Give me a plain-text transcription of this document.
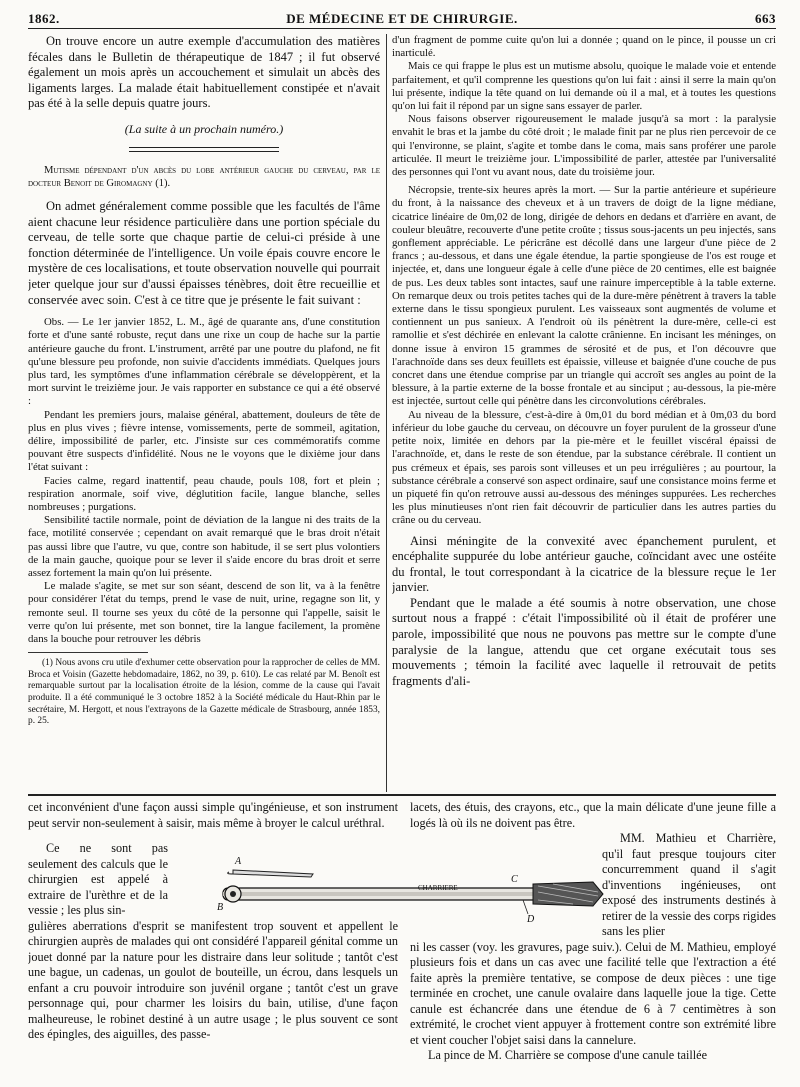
1862.	DE MÉDECINE ET DE CHIRURGIE.	663

On trouve encore un autre exemple d'accumulation des matières fécales dans le Bulletin de thérapeutique de 1847 ; il fut observé également un mois après un accouchement et simulait un abcès des ligaments larges. La malade était habituellement constipée et n'avait pas été à la selle depuis quatre jours.

(La suite à un prochain numéro.)

Mutisme dépendant d'un abcès du lobe antérieur gauche du cerveau, par le docteur Benoit de Giromagny (1).

On admet généralement comme possible que les facultés de l'âme aient chacune leur résidence particulière dans une portion spéciale du cerveau, de telle sorte que chaque partie de celui-ci préside à une fonction déterminée de l'intelligence. Un voile épais couvre encore le mystère de ces localisations, et toute observation nouvelle qui pourrait jeter quelque jour sur d'aussi épaisses ténèbres, doit être recueillie et conservée avec soin. C'est à ce titre que je présente le fait suivant :

Obs. — Le 1er janvier 1852, L. M., âgé de quarante ans, d'une constitution forte et d'une santé robuste, reçut dans une rixe un coup de hache sur la partie antérieure gauche du front. L'instrument, arrêté par une poutre du plafond, ne fit qu'une blessure peu profonde, non suivie d'accidents immédiats. Quelques jours plus tard, les symptômes d'une inflammation cérébrale se développèrent, et la mort survint le treizième jour. Je vais rapporter en substance ce qui a été observé :

Pendant les premiers jours, malaise général, abattement, douleurs de tête de plus en plus vives ; fièvre intense, vomissements, perte de sommeil, agitation, délire, impossibilité de parler, etc. J'insiste sur ces commémoratifs comme pouvant être suspects d'infidélité. Nous ne le voyons que le dixième jour dans l'état suivant :

Facies calme, regard inattentif, peau chaude, pouls 108, fort et plein ; respiration anormale, soif vive, déglutition facile, langue blanche, selles nombreuses ; purgations.

Sensibilité tactile normale, point de déviation de la langue ni des traits de la face, motilité conservée ; cependant on avait remarqué que le bras droit n'était pas aussi libre que l'autre, vu que, contre son habitude, il se sert plus volontiers de la main gauche, quoique pour se lever il s'aide encore du bras droit et serre assez fortement la main qu'on lui présente.

Le malade s'agite, se met sur son séant, descend de son lit, va à la fenêtre pour considérer l'état du temps, prend le vase de nuit, urine, regagne son lit, y remonte seul. Il tourne ses yeux du côté de la personne qui l'appelle, saisit le verre qu'on lui présente, met son bonnet, tire la langue facilement, la promène dans la bouche pour retrouver les débris

(1) Nous avons cru utile d'exhumer cette observation pour la rapprocher de celles de MM. Broca et Voisin (Gazette hebdomadaire, 1862, no 39, p. 610). Le cas relaté par M. Benoît est remarquable surtout par la localisation étroite de la lésion, comme de la cause qui l'avait produite. Il a été communiqué le 3 octobre 1852 à la Société médicale du Haut-Rhin par le secrétaire, M. Hergott, et nous l'extrayons de la Gazette médicale de Strasbourg, année 1853, p. 25.

d'un fragment de pomme cuite qu'on lui a donnée ; quand on le pince, il pousse un cri inarticulé.

Mais ce qui frappe le plus est un mutisme absolu, quoique le malade voie et entende parfaitement, et qu'il comprenne les questions qu'on lui fait : ainsi il serre la main qu'on lui présente, indique la tête quand on lui demande où il a mal, et à toutes les questions qu'on lui fait il répond par un signe sans essayer de parler.

Nous faisons observer rigoureusement le malade jusqu'à sa mort : la paralysie envahit le bras et la jambe du côté droit ; le malade finit par ne plus rien percevoir de ce qui l'environne, se plaint, s'agite et tombe dans le coma, mais sans proférer une parole articulée. Il meurt le treizième jour. L'impossibilité de parler, attestée par l'universalité des personnes qui l'ont vu avant nous, date du troisième jour.

Nécropsie, trente-six heures après la mort. — Sur la partie antérieure et supérieure du front, à la naissance des cheveux et à un travers de doigt de la ligne médiane, cicatrice linéaire de 0m,02 de long, dirigée de dehors en dedans et d'arrière en avant, de couleur bleuâtre, recouverte d'une petite croûte ; tissus sous-jacents un peu injectés, sans gonflement appréciable. Le péricrâne est décollé dans une largeur d'une pièce de 2 francs ; au-dessous, et dans une égale étendue, la partie spongieuse de l'os est rouge et injectée, et, dans une longueur égale à celle d'une pièce de 20 centimes, elle est baignée de pus. Les deux tables sont intactes, sauf une rainure imperceptible à la table externe. On remarque deux ou trois petites taches qui de la dure-mère pénètrent à travers la table externe dans le tissu spongieux purulent. Les vaisseaux sont augmentés de volume et contiennent un pus sanieux. A l'endroit où ils pénètrent la dure-mère, celle-ci est ramollie et s'est déchirée en enlevant la calotte crânienne. En incisant les méninges, on donne issue à environ 15 grammes de sérosité et de pus, et l'on découvre que l'arachnoïde dans ses deux feuillets est épaissie, villeuse et baignée d'une couche de pus concret dans une étendue comprise par un triangle qui accroît ses angles au point de la blessure, à la partie externe de la bosse frontale et au sinciput ; au-dessous, la pie-mère est injectée, surtout celle qui pénètre dans les circonvolutions cérébrales.

Au niveau de la blessure, c'est-à-dire à 0m,01 du bord médian et à 0m,03 du bord inférieur du lobe gauche du cerveau, on découvre un foyer purulent de la grosseur d'une petite noix, limitée en dehors par la pie-mère et le feuillet viscéral épaissi de l'arachnoïde, et, dans le reste de son étendue, par la substance cérébrale. Il contient un pus crémeux et épais, ses parois sont villeuses et un peu irrégulières ; au pourtour, la substance cérébrale a conservé son aspect ordinaire, sauf une consistance moins ferme et un piqueté fin qu'on retrouve aussi au-dessous des méninges suppurées. Les recherches les plus minutieuses n'ont rien fait découvrir de particulier dans les autres parties du crâne ou du cerveau.

Ainsi méningite de la convexité avec épanchement purulent, et encéphalite suppurée du lobe antérieur gauche, coïncidant avec une ostéite du frontal, le tout correspondant à la cicatrice de la blessure reçue le 1er janvier.

Pendant que le malade a été soumis à notre observation, une chose surtout nous a frappé : c'était l'impossibilité où il était de proférer une parole, impossibilité que nous ne pouvons pas mettre sur le compte d'une paralysie de la langue, attendu que cet organe exécutait tous ses mouvements ; témoin la facilité avec laquelle il retrouvait de petits fragments d'ali-

cet inconvénient d'une façon aussi simple qu'ingénieuse, et son instrument peut servir non-seulement à saisir, mais même à broyer le calcul uréthral.

Ce ne sont pas seulement des calculs que le chirurgien est appelé à extraire de l'urèthre et de la vessie ; les plus sin-

gulières aberrations d'esprit se manifestent trop souvent et appellent le chirurgien auprès de malades qui ont considéré l'appareil génital comme un jouet donné par la nature pour les distraire dans leur solitude ; tantôt c'est une bague, un cadenas, un goulot de bouteille, un écrou, dans lesquels un enfant a cru pouvoir introduire son juvénil organe ; tantôt c'est un grave personnage qui, pour charmer les loisirs du bain, utilise, d'une façon malheureuse, le robinet destiné à un autre usage ; le plus souvent ce sont des épingles, des aiguilles, des passe-

lacets, des étuis, des crayons, etc., que la main délicate d'une jeune fille a logés là où ils ne doivent pas être.

MM. Mathieu et Charrière, qu'il faut presque toujours citer concurremment quand il s'agit d'inventions ingénieuses, ont exposé des instruments destinés à retirer de la vessie des corps rigides sans les plier

ni les casser (voy. les gravures, page suiv.). Celui de M. Mathieu, employé plusieurs fois et dans un cas avec une facilité telle que l'extraction a été faite après la première tentative, se compose de deux pièces : une tige terminée en crochet, une canule ovalaire dans laquelle joue la tige. Cette canule est échancrée dans une étendue de 6 à 7 centimètres à son extrémité, le crochet vient appuyer à frottement contre son extrémité libre et vient coucher l'objet saisi dans la cannelure.

La pince de M. Charrière se compose d'une canule taillée

A
B
C
D
CHARRIERE
